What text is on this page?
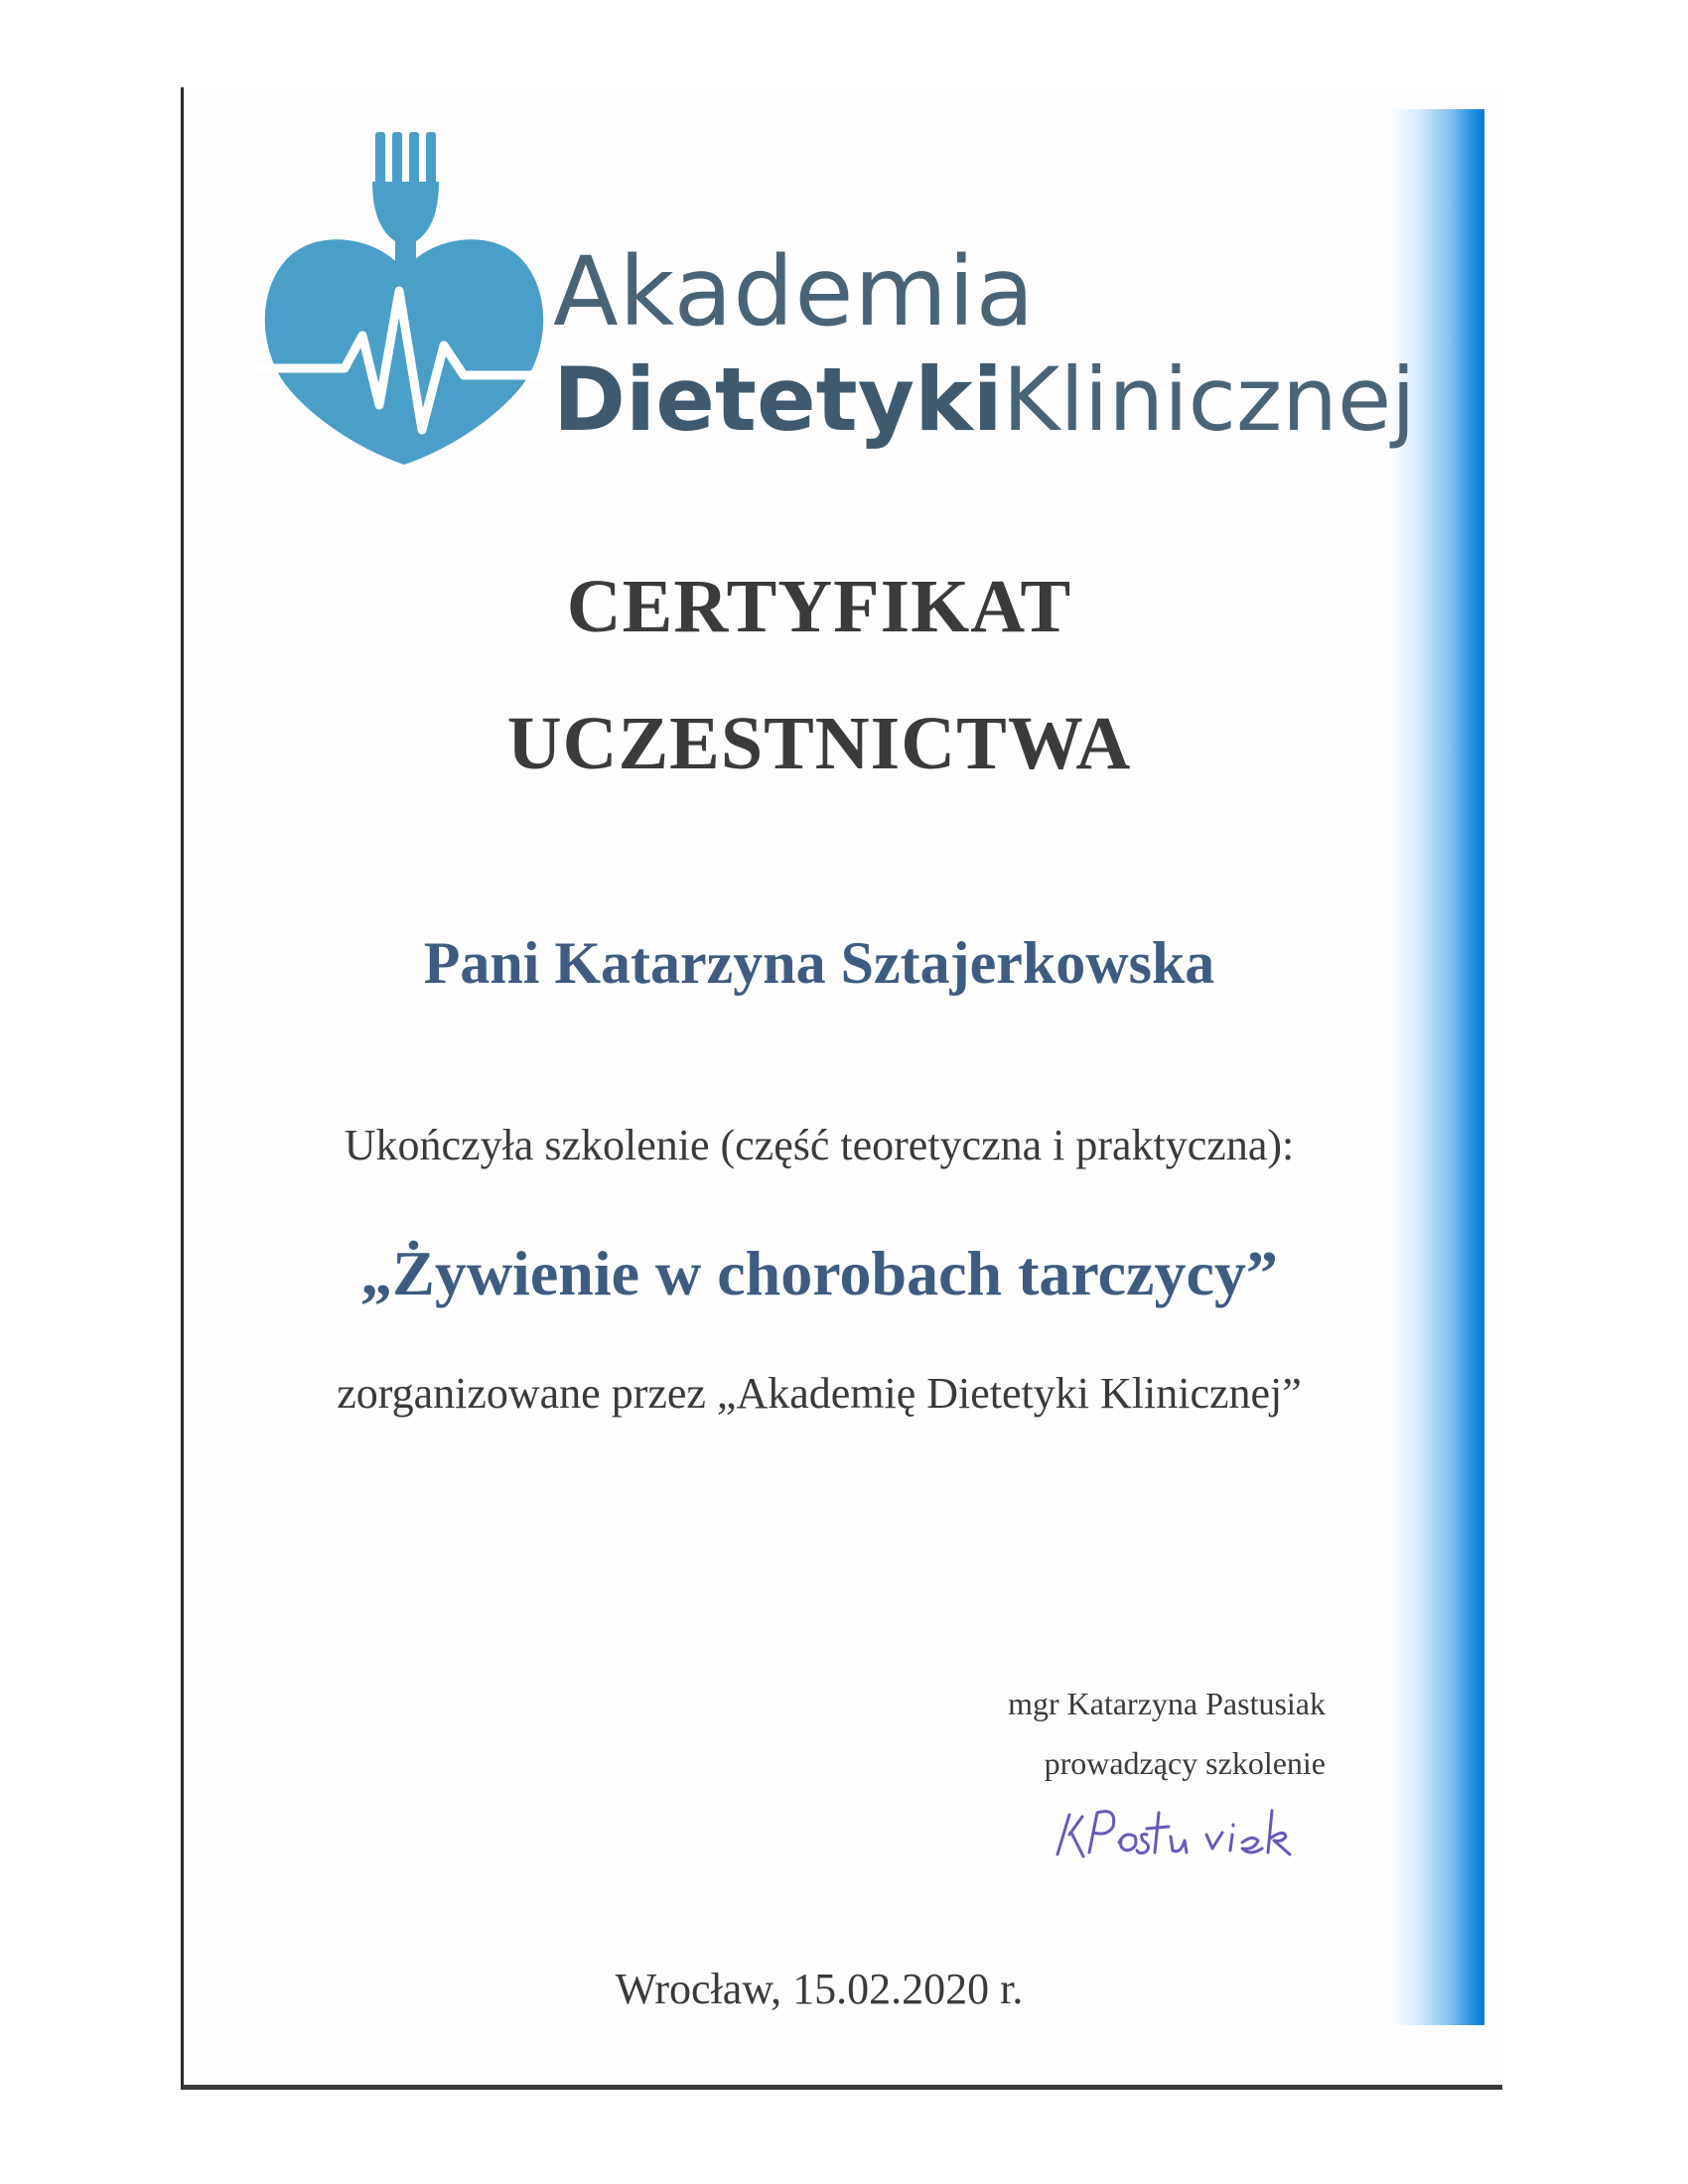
Akademia
DietetykiKlinicznej
CERTYFIKAT
UCZESTNICTWA
Pani Katarzyna Sztajerkowska
Ukończyła szkolenie (część teoretyczna i praktyczna):
„Żywienie w chorobach tarczycy”
zorganizowane przez „Akademię Dietetyki Klinicznej”
mgr Katarzyna Pastusiak
prowadzący szkolenie
Wrocław, 15.02.2020 r.
